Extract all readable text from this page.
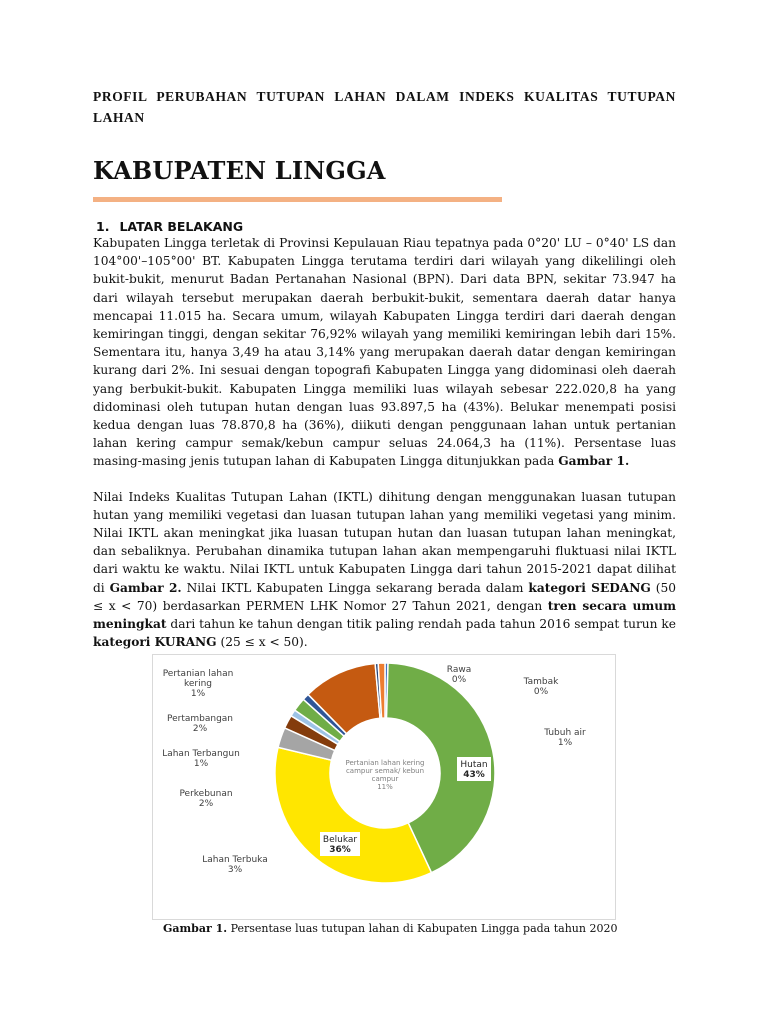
PROFIL PERUBAHAN TUTUPAN LAHAN DALAM INDEKS KUALITAS TUTUPAN LAHAN

KABUPATEN LINGGA
1. LATAR BELAKANG

Kabupaten Lingga terletak di Provinsi Kepulauan Riau tepatnya pada 0°20' LU – 0°40' LS dan 104°00'–105°00' BT. Kabupaten Lingga terutama terdiri dari wilayah yang dikelilingi oleh bukit-bukit, menurut Badan Pertanahan Nasional (BPN). Dari data BPN, sekitar 73.947 ha dari wilayah tersebut merupakan daerah berbukit-bukit, sementara daerah datar hanya mencapai 11.015 ha. Secara umum, wilayah Kabupaten Lingga terdiri dari daerah dengan kemiringan tinggi, dengan sekitar 76,92% wilayah yang memiliki kemiringan lebih dari 15%. Sementara itu, hanya 3,49 ha atau 3,14% yang merupakan daerah datar dengan kemiringan kurang dari 2%. Ini sesuai dengan topografi Kabupaten Lingga yang didominasi oleh daerah yang berbukit-bukit. Kabupaten Lingga memiliki luas wilayah sebesar 222.020,8 ha yang didominasi oleh tutupan hutan dengan luas 93.897,5 ha (43%). Belukar menempati posisi kedua dengan luas 78.870,8 ha (36%), diikuti dengan penggunaan lahan untuk pertanian lahan kering campur semak/kebun campur seluas 24.064,3 ha (11%). Persentase luas masing-masing jenis tutupan lahan di Kabupaten Lingga ditunjukkan pada Gambar 1.

Nilai Indeks Kualitas Tutupan Lahan (IKTL) dihitung dengan menggunakan luasan tutupan hutan yang memiliki vegetasi dan luasan tutupan lahan yang memiliki vegetasi yang minim. Nilai IKTL akan meningkat jika luasan tutupan hutan dan luasan tutupan lahan meningkat, dan sebaliknya. Perubahan dinamika tutupan lahan akan mempengaruhi fluktuasi nilai IKTL dari waktu ke waktu. Nilai IKTL untuk Kabupaten Lingga dari tahun 2015-2021 dapat dilihat di Gambar 2. Nilai IKTL Kabupaten Lingga sekarang berada dalam kategori SEDANG (50 ≤ x < 70) berdasarkan PERMEN LHK Nomor 27 Tahun 2021, dengan tren secara umum meningkat dari tahun ke tahun dengan titik paling rendah pada tahun 2016 sempat turun ke kategori KURANG (25 ≤ x < 50).

Rawa
0%	Tambak
0%
Tubuh air
1%
Hutan
43%
Belukar
36%
Lahan Terbuka
3%
Perkebunan
2%
Lahan Terbangun
1%
Pertambangan
2%
Pertanian lahan
kering
1%
Pertanian lahan kering
campur semak/ kebun
campur
11%
Gambar 1. Persentase luas tutupan lahan di Kabupaten Lingga pada tahun 2020
